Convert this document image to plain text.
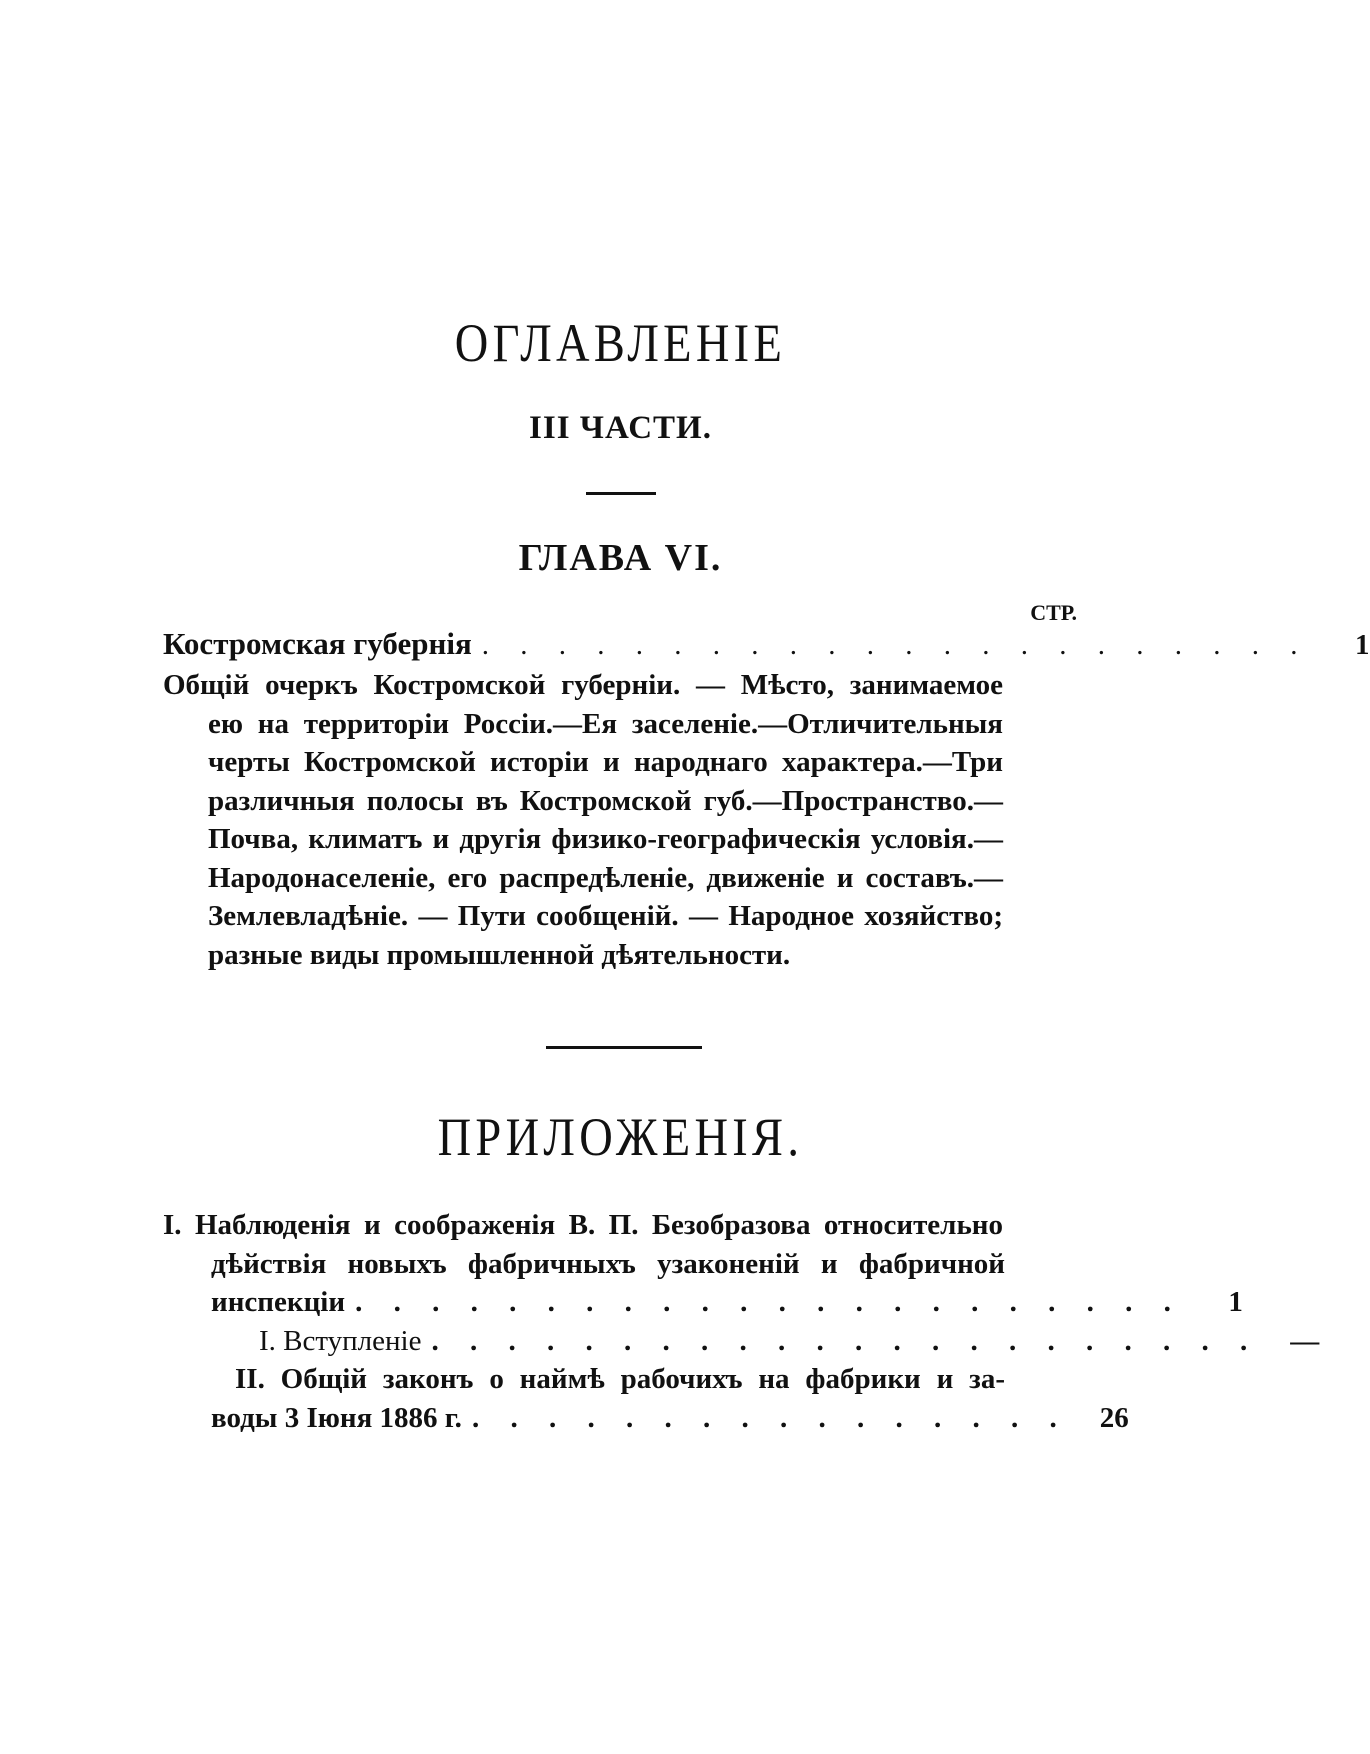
ОГЛАВЛЕНІЕ
III ЧАСТИ.
ГЛАВА VI.
СТР.
Костромская губернія . . . . . . . . . . . . . . . . . . . . . .	1
Общій очеркъ Костромской губерніи. — Мѣсто, занимаемое
ею на территоріи Россіи.—Ея заселеніе.—Отличительныя
черты Костромской исторіи и народнаго характера.—Три
различныя полосы въ Костромской губ.—Пространство.—
Почва, климатъ и другія физико-географическія условія.—
Народонаселеніе, его распредѣленіе, движеніе и составъ.—
Землевладѣніе. — Пути сообщеній. — Народное хозяйство;
разные виды промышленной дѣятельности.
ПРИЛОЖЕНІЯ.
I. Наблюденія и соображенія В. П. Безобразова относительно
дѣйствія новыхъ фабричныхъ узаконеній и фабричной
инспекціи . . . . . . . . . . . . . . . . . . . . . .	1
I. Вступленіе . . . . . . . . . . . . . . . . . . . . . .	—
II. Общій законъ о наймѣ рабочихъ на фабрики и за-
воды 3 Іюня 1886 г. . . . . . . . . . . . . . . . .	26
